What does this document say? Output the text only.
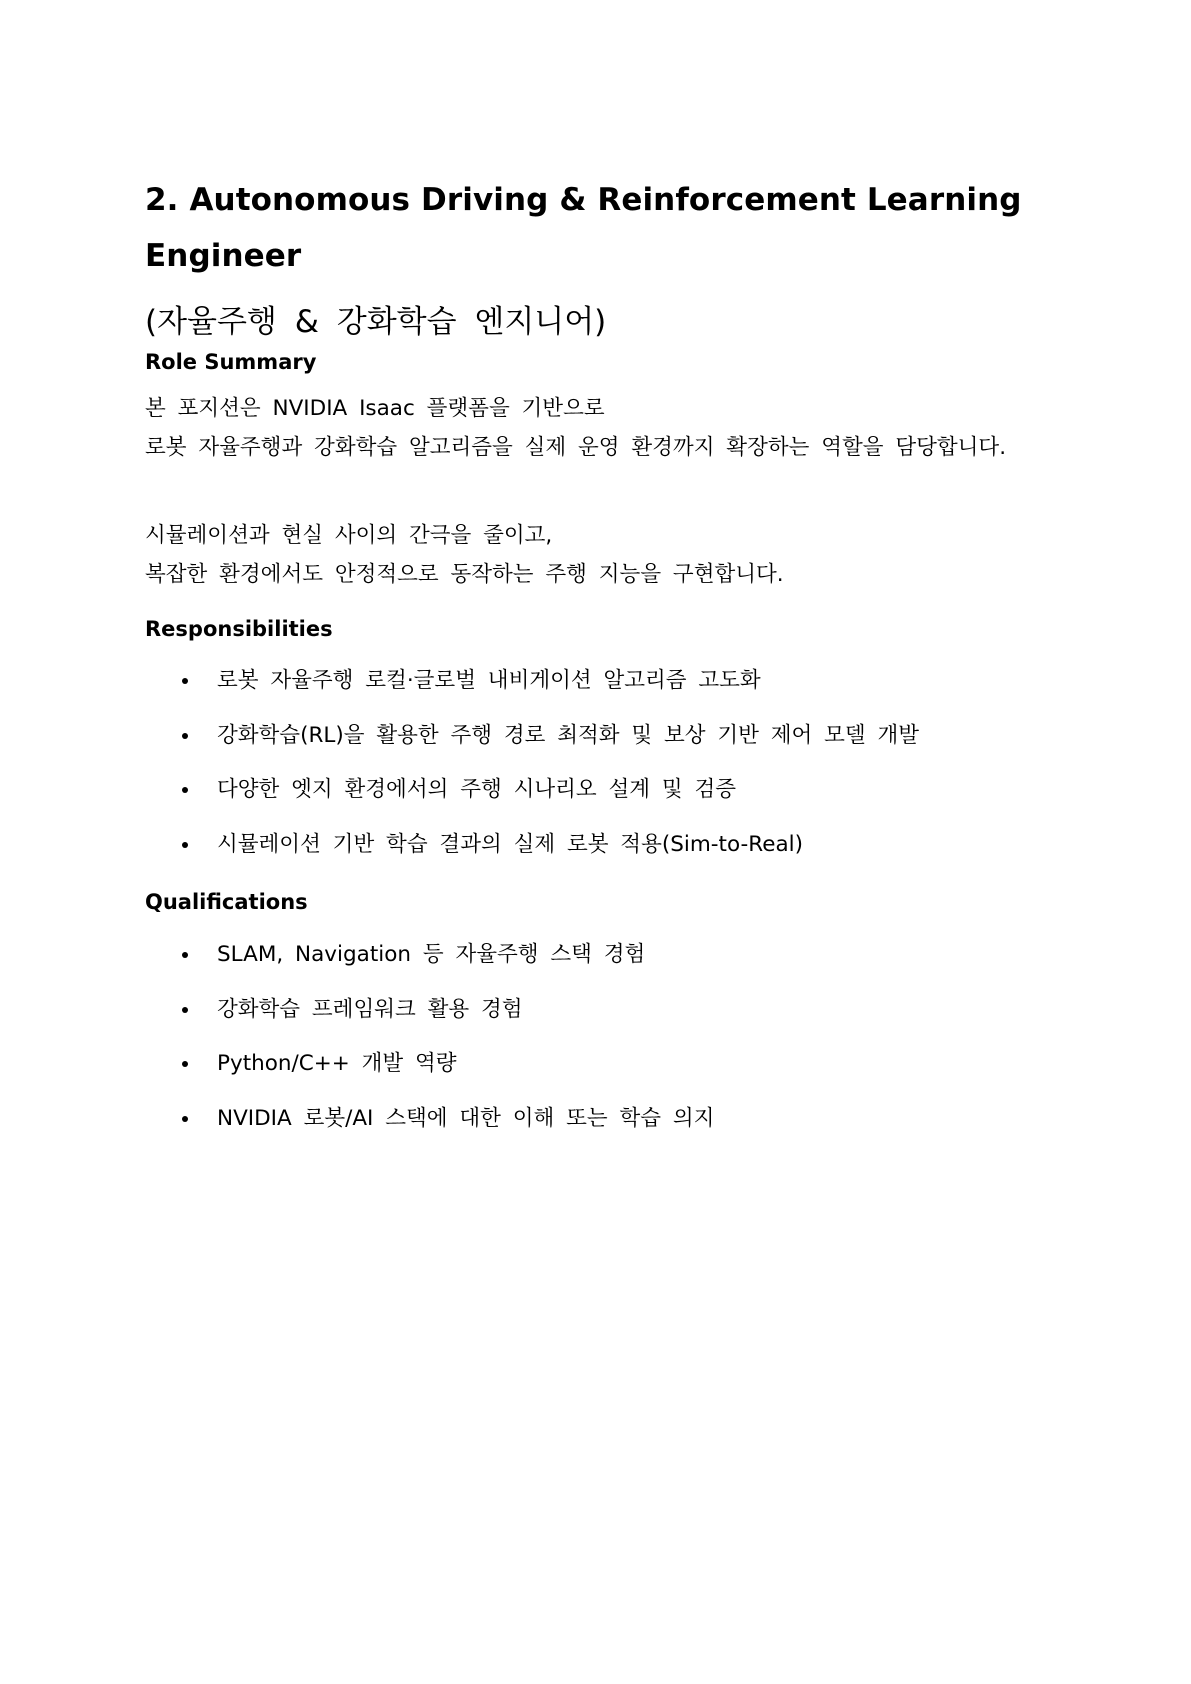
2. Autonomous Driving & Reinforcement Learning
Engineer
(자율주행 & 강화학습 엔지니어)
Role Summary

본 포지션은 NVIDIA Isaac 플랫폼을 기반으로
로봇 자율주행과 강화학습 알고리즘을 실제 운영 환경까지 확장하는 역할을 담당합니다.

시뮬레이션과 현실 사이의 간극을 줄이고,
복잡한 환경에서도 안정적으로 동작하는 주행 지능을 구현합니다.

Responsibilities
로봇 자율주행 로컬·글로벌 내비게이션 알고리즘 고도화
강화학습(RL)을 활용한 주행 경로 최적화 및 보상 기반 제어 모델 개발
다양한 엣지 환경에서의 주행 시나리오 설계 및 검증
시뮬레이션 기반 학습 결과의 실제 로봇 적용(Sim-to-Real)
Qualifications
SLAM, Navigation 등 자율주행 스택 경험
강화학습 프레임워크 활용 경험
Python/C++ 개발 역량
NVIDIA 로봇/AI 스택에 대한 이해 또는 학습 의지
